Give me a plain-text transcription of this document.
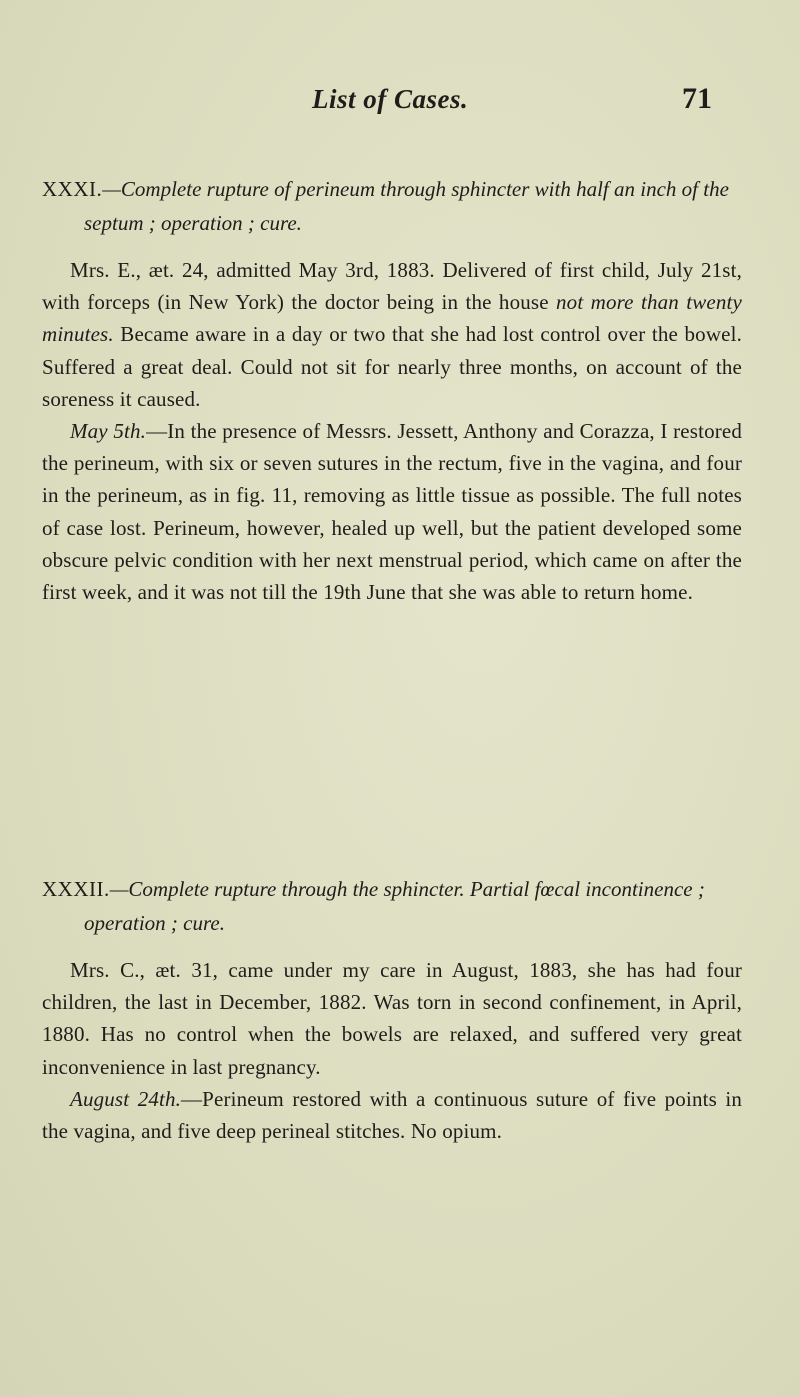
List of Cases.	71

XXXI.—Complete rupture of perineum through sphincter with half an inch of the septum ; operation ; cure.

Mrs. E., æt. 24, admitted May 3rd, 1883. Delivered of first child, July 21st, with forceps (in New York) the doctor being in the house not more than twenty minutes. Became aware in a day or two that she had lost control over the bowel. Suffered a great deal. Could not sit for nearly three months, on account of the soreness it caused.

May 5th.—In the presence of Messrs. Jessett, Anthony and Corazza, I restored the perineum, with six or seven sutures in the rectum, five in the vagina, and four in the perineum, as in fig. 11, removing as little tissue as possible. The full notes of case lost. Perineum, however, healed up well, but the patient developed some obscure pelvic condition with her next menstrual period, which came on after the first week, and it was not till the 19th June that she was able to return home.

XXXII.—Complete rupture through the sphincter. Partial fœcal incontinence ; operation ; cure.

Mrs. C., æt. 31, came under my care in August, 1883, she has had four children, the last in December, 1882. Was torn in second confinement, in April, 1880. Has no control when the bowels are relaxed, and suffered very great inconvenience in last pregnancy.

August 24th.—Perineum restored with a continuous suture of five points in the vagina, and five deep perineal stitches. No opium.
